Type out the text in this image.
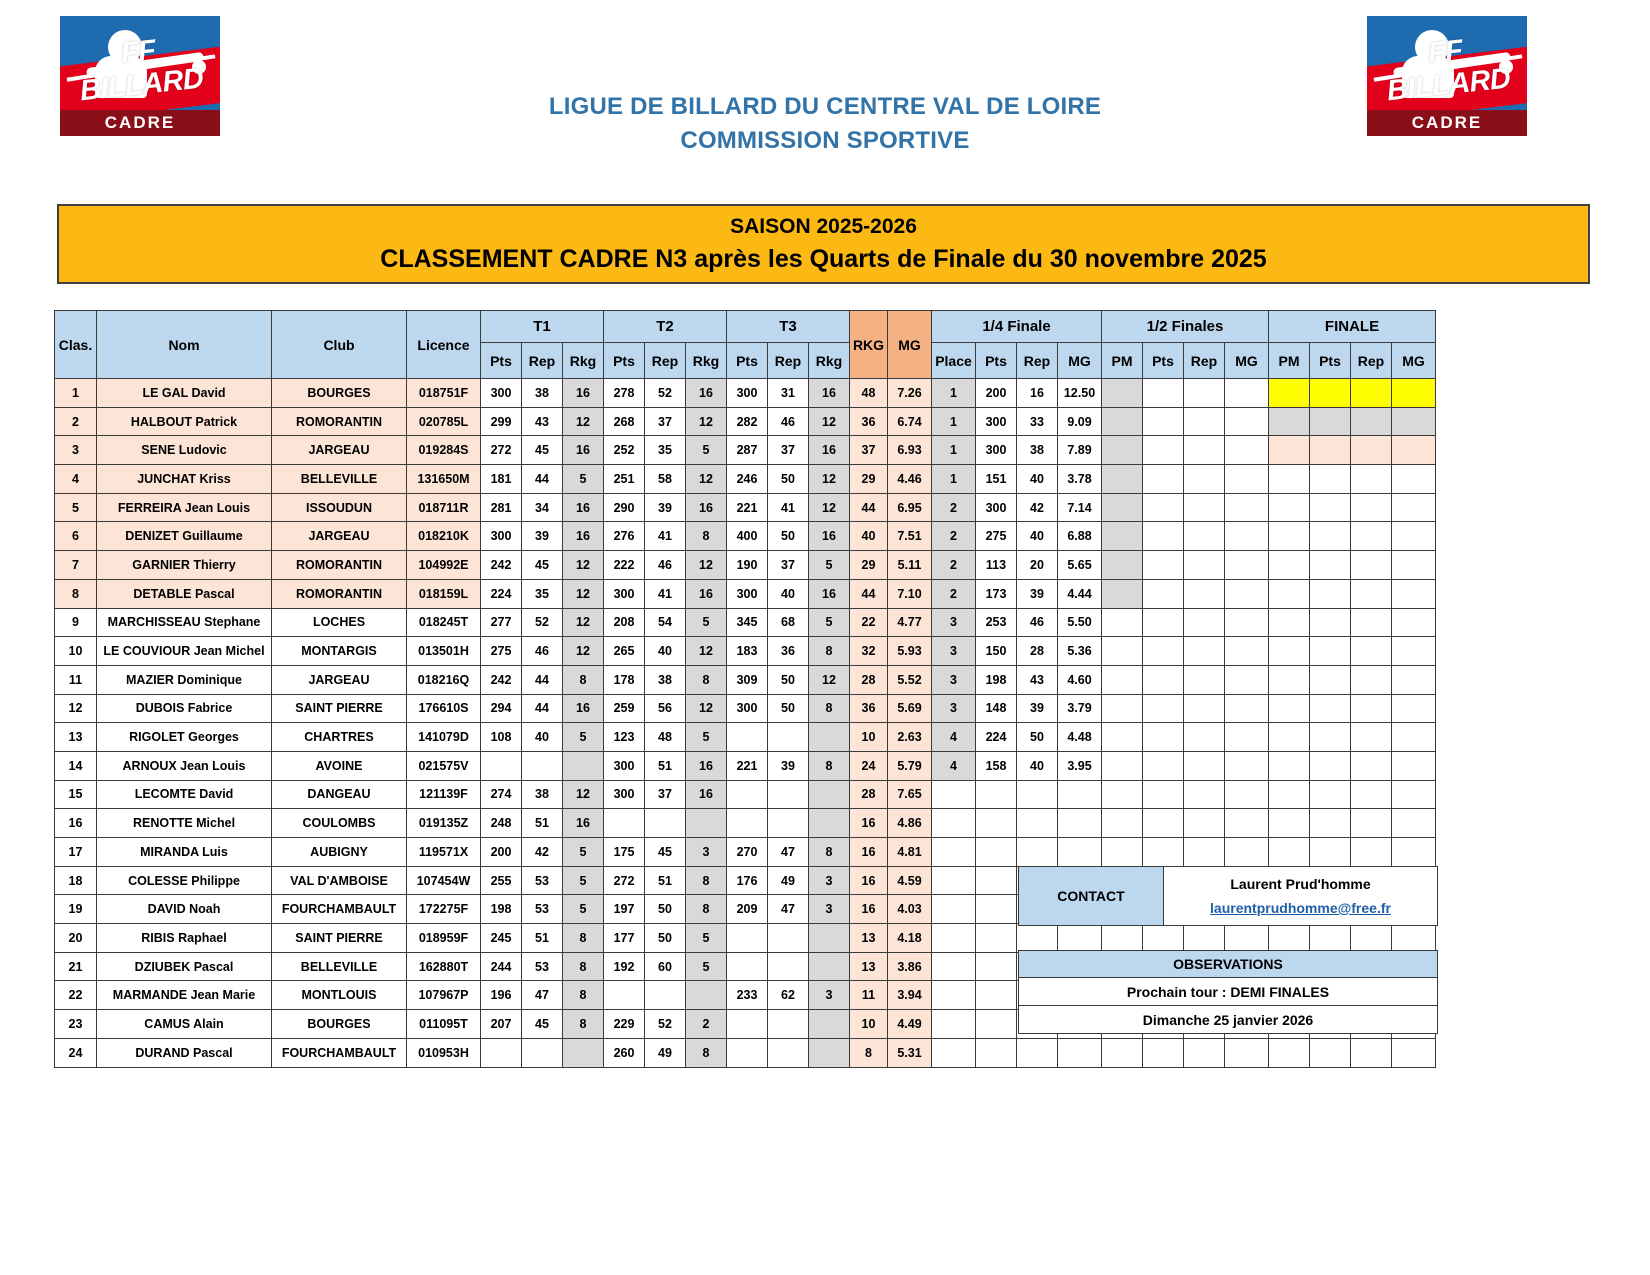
FF BILLARD
CADRE
FF BILLARD
CADRE
LIGUE DE BILLARD DU CENTRE VAL DE LOIRE
COMMISSION SPORTIVE
SAISON 2025-2026
CLASSEMENT CADRE N3 après les Quarts de Finale du 30 novembre 2025
Clas.	Nom	Club	Licence	T1			T2			T3			RKG	MG	1/4 Finale				1/2 Finales				FINALE			
				Pts	Rep	Rkg	Pts	Rep	Rkg	Pts	Rep	Rkg			Place	Pts	Rep	MG	PM	Pts	Rep	MG	PM	Pts	Rep	MG
1	LE GAL David	BOURGES	018751F	300	38	16	278	52	16	300	31	16	48	7.26	1	200	16	12.50								
2	HALBOUT Patrick	ROMORANTIN	020785L	299	43	12	268	37	12	282	46	12	36	6.74	1	300	33	9.09								
3	SENE Ludovic	JARGEAU	019284S	272	45	16	252	35	5	287	37	16	37	6.93	1	300	38	7.89								
4	JUNCHAT Kriss	BELLEVILLE	131650M	181	44	5	251	58	12	246	50	12	29	4.46	1	151	40	3.78								
5	FERREIRA Jean Louis	ISSOUDUN	018711R	281	34	16	290	39	16	221	41	12	44	6.95	2	300	42	7.14								
6	DENIZET Guillaume	JARGEAU	018210K	300	39	16	276	41	8	400	50	16	40	7.51	2	275	40	6.88								
7	GARNIER Thierry	ROMORANTIN	104992E	242	45	12	222	46	12	190	37	5	29	5.11	2	113	20	5.65								
8	DETABLE Pascal	ROMORANTIN	018159L	224	35	12	300	41	16	300	40	16	44	7.10	2	173	39	4.44								
9	MARCHISSEAU Stephane	LOCHES	018245T	277	52	12	208	54	5	345	68	5	22	4.77	3	253	46	5.50								
10	LE COUVIOUR Jean Michel	MONTARGIS	013501H	275	46	12	265	40	12	183	36	8	32	5.93	3	150	28	5.36								
11	MAZIER Dominique	JARGEAU	018216Q	242	44	8	178	38	8	309	50	12	28	5.52	3	198	43	4.60								
12	DUBOIS Fabrice	SAINT PIERRE	176610S	294	44	16	259	56	12	300	50	8	36	5.69	3	148	39	3.79								
13	RIGOLET Georges	CHARTRES	141079D	108	40	5	123	48	5				10	2.63	4	224	50	4.48								
14	ARNOUX Jean Louis	AVOINE	021575V				300	51	16	221	39	8	24	5.79	4	158	40	3.95								
15	LECOMTE David	DANGEAU	121139F	274	38	12	300	37	16				28	7.65												
16	RENOTTE Michel	COULOMBS	019135Z	248	51	16							16	4.86												
17	MIRANDA Luis	AUBIGNY	119571X	200	42	5	175	45	3	270	47	8	16	4.81												
18	COLESSE Philippe	VAL D'AMBOISE	107454W	255	53	5	272	51	8	176	49	3	16	4.59												
19	DAVID Noah	FOURCHAMBAULT	172275F	198	53	5	197	50	8	209	47	3	16	4.03												
20	RIBIS Raphael	SAINT PIERRE	018959F	245	51	8	177	50	5				13	4.18												
21	DZIUBEK Pascal	BELLEVILLE	162880T	244	53	8	192	60	5				13	3.86												
22	MARMANDE Jean Marie	MONTLOUIS	107967P	196	47	8				233	62	3	11	3.94												
23	CAMUS Alain	BOURGES	011095T	207	45	8	229	52	2				10	4.49												
24	DURAND Pascal	FOURCHAMBAULT	010953H				260	49	8				8	5.31												
CONTACT	
Laurent Prud'homme
laurentprudhomme@free.fr
OBSERVATIONS
Prochain tour : DEMI FINALES
Dimanche 25 janvier 2026
